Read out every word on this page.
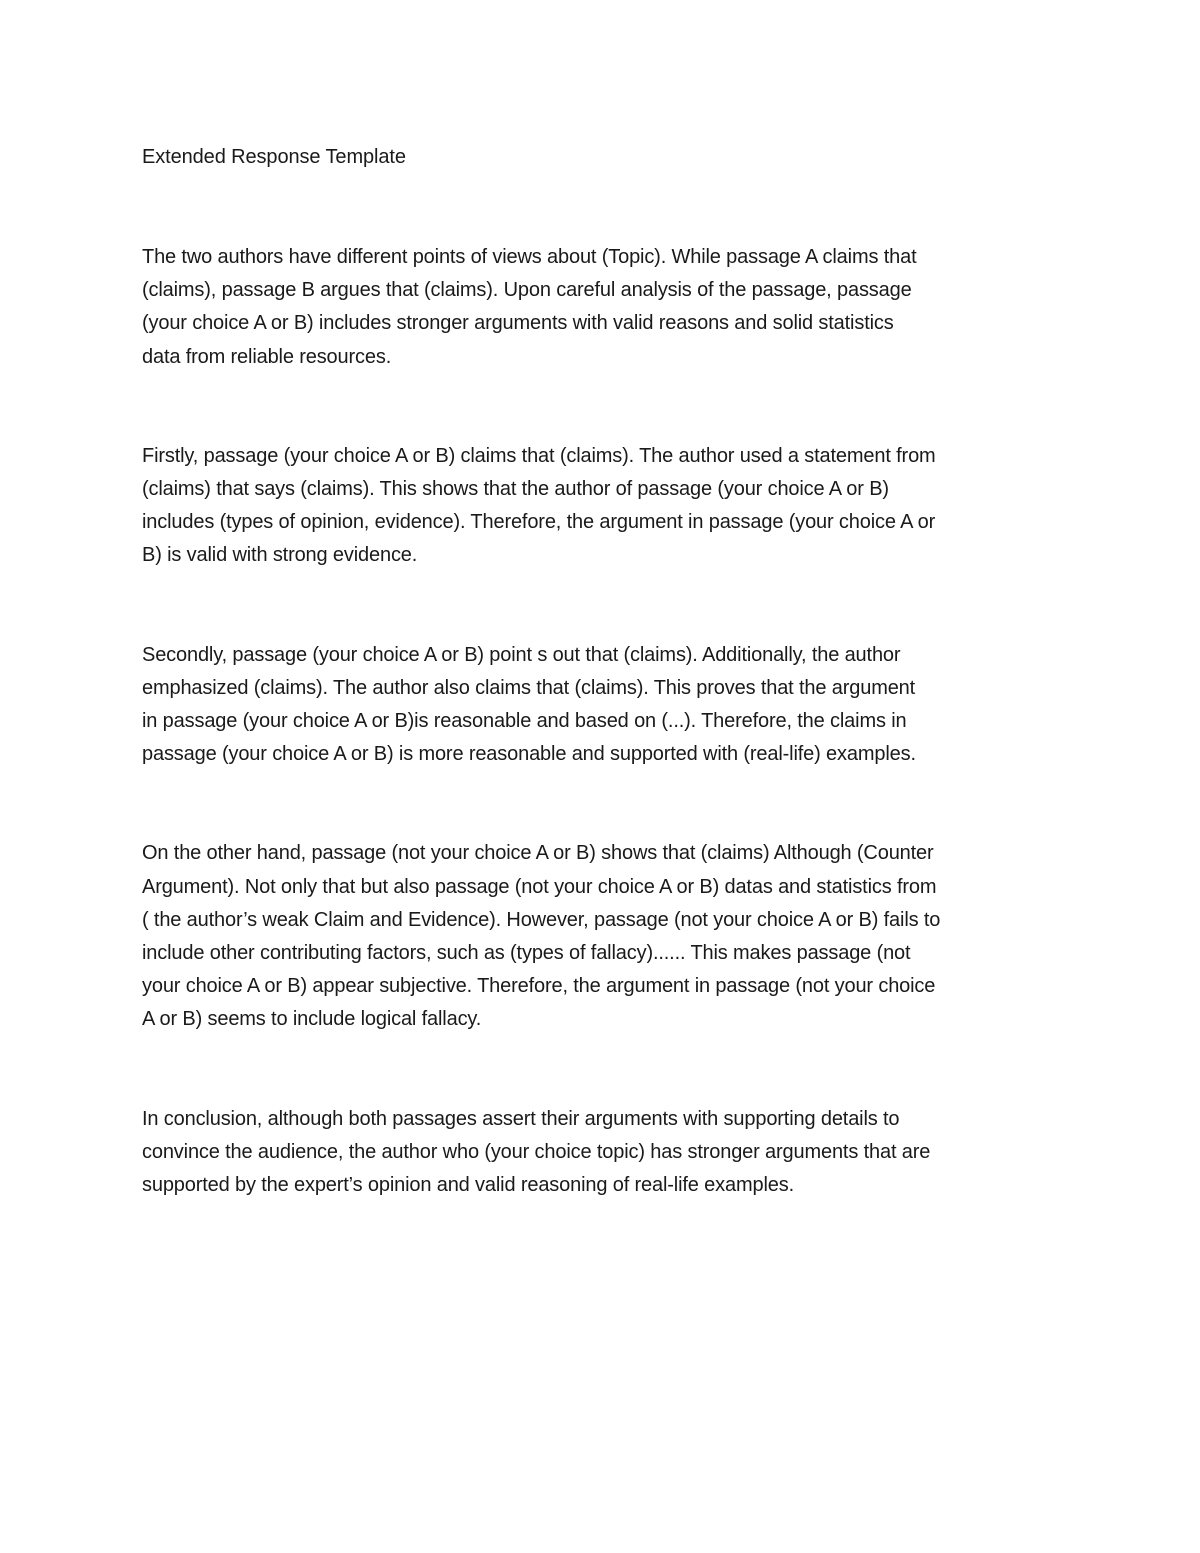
Extended Response Template
The two authors have different points of views about (Topic). While passage A claims that
(claims), passage B argues that (claims). Upon careful analysis of the passage, passage
(your choice A or B) includes stronger arguments with valid reasons and solid statistics
data from reliable resources.
Firstly, passage (your choice A or B) claims that (claims). The author used a statement from
(claims) that says (claims). This shows that the author of passage (your choice A or B)
includes (types of opinion, evidence). Therefore, the argument in passage (your choice A or
B) is valid with strong evidence.
Secondly, passage (your choice A or B) point s out that (claims). Additionally, the author
emphasized (claims). The author also claims that (claims). This proves that the argument
in passage (your choice A or B)is reasonable and based on (...). Therefore, the claims in
passage (your choice A or B) is more reasonable and supported with (real-life) examples.
On the other hand, passage (not your choice A or B) shows that (claims) Although (Counter
Argument). Not only that but also passage (not your choice A or B) datas and statistics from
( the author’s weak Claim and Evidence). However, passage (not your choice A or B) fails to
include other contributing factors, such as (types of fallacy)...... This makes passage (not
your choice A or B) appear subjective. Therefore, the argument in passage (not your choice
A or B) seems to include logical fallacy.
In conclusion, although both passages assert their arguments with supporting details to
convince the audience, the author who (your choice topic) has stronger arguments that are
supported by the expert’s opinion and valid reasoning of real-life examples.
